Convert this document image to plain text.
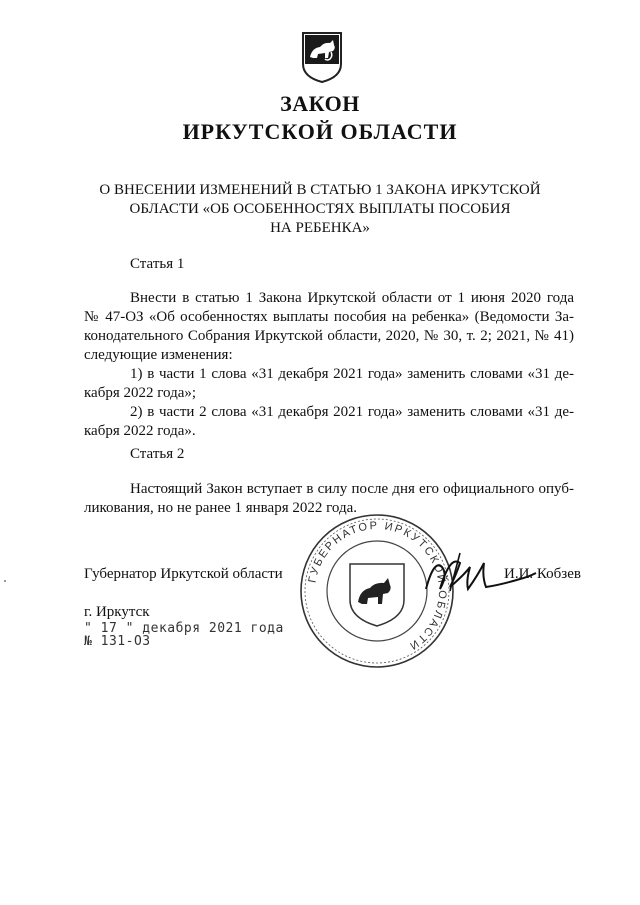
ЗАКОН
ИРКУТСКОЙ ОБЛАСТИ
О ВНЕСЕНИИ ИЗМЕНЕНИЙ В СТАТЬЮ 1 ЗАКОНА ИРКУТСКОЙ
ОБЛАСТИ «ОБ ОСОБЕННОСТЯХ ВЫПЛАТЫ ПОСОБИЯ
НА РЕБЕНКА»
Статья 1
Внести в статью 1 Закона Иркутской области от 1 июня 2020 года
№ 47-ОЗ «Об особенностях выплаты пособия на ребенка» (Ведомости За-
конодательного Собрания Иркутской области, 2020, № 30, т. 2; 2021, № 41)
следующие изменения:
1) в части 1 слова «31 декабря 2021 года» заменить словами «31 де-
кабря 2022 года»;
2) в части 2 слова «31 декабря 2021 года» заменить словами «31 де-
кабря 2022 года».
Статья 2
Настоящий Закон вступает в силу после дня его официального опуб-
ликования, но не ранее 1 января 2022 года.
ГУБЕРНАТОР ИРКУТСКОЙ ОБЛАСТИ
Губернатор Иркутской области	И.И. Кобзев
г. Иркутск
" 17 " декабря 2021 года
№ 131-ОЗ
